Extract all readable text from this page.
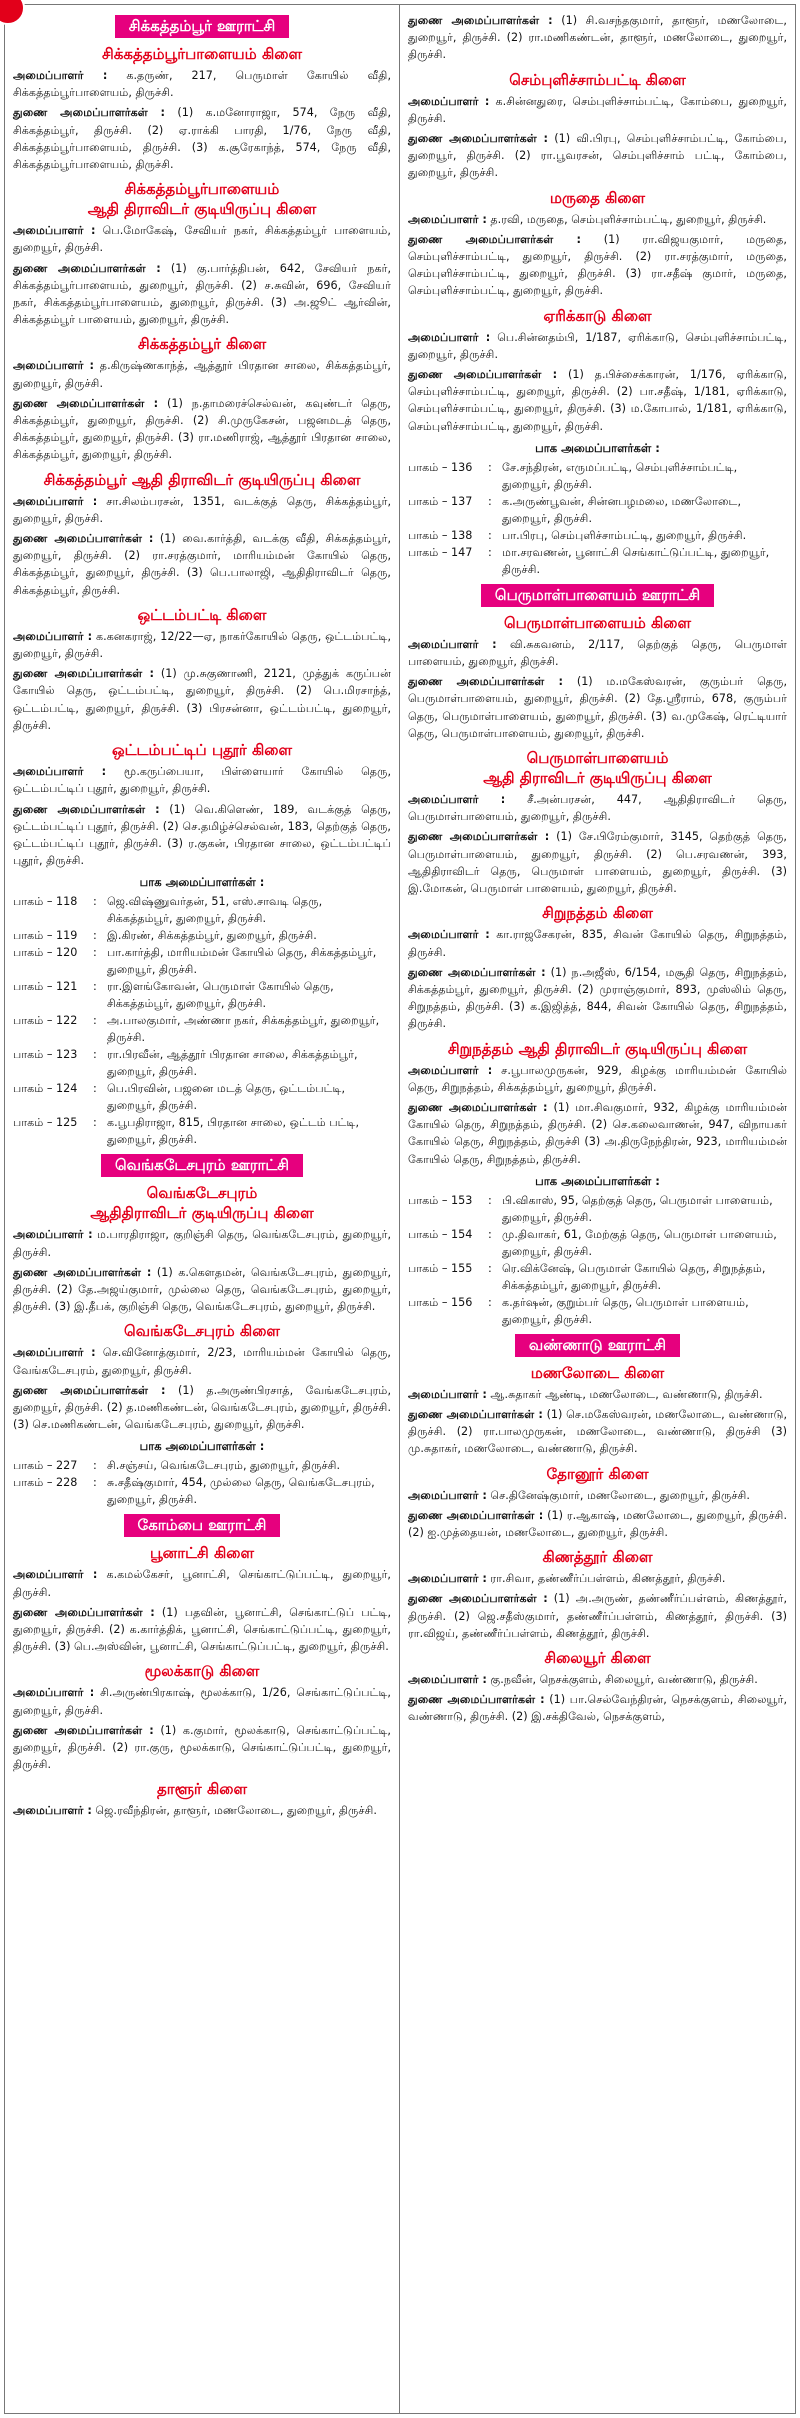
சிக்கத்தம்பூர் ஊராட்சி
சிக்கத்தம்பூர்பாளையம் கிளை
அமைப்பாளர் : க.தருண், 217, பெருமாள் கோயில் வீதி, சிக்கத்தம்பூர்பாளையம், திருச்சி.
துணை அமைப்பாளர்கள் : (1) க.மனோராஜா, 574, நேரு வீதி, சிக்கத்தம்பூர், திருச்சி. (2) ஏ.ராக்கி பாரதி, 1/76, நேரு வீதி, சிக்கத்தம்பூர்பாளையம், திருச்சி. (3) க.சூரேகாந்த், 574, நேரு வீதி, சிக்கத்தம்பூர்பாளையம், திருச்சி.
சிக்கத்தம்பூர்பாளையம்
ஆதி திராவிடர் குடியிருப்பு கிளை
அமைப்பாளர் : பெ.மோகேஷ், சேவியர் நகர், சிக்கத்தம்பூர் பாளையம், துறையூர், திருச்சி.
துணை அமைப்பாளர்கள் : (1) கு.பார்த்திபன், 642, சேவியர் நகர், சிக்கத்தம்பூர்பாளையம், துறையூர், திருச்சி. (2) ச.சுவின், 696, சேவியர் நகர், சிக்கத்தம்பூர்பாளையம், துறையூர், திருச்சி. (3) அ.ஜூட் ஆர்வின், சிக்கத்தம்பூர் பாளையம், துறையூர், திருச்சி.
சிக்கத்தம்பூர் கிளை
அமைப்பாளர் : த.கிருஷ்ணகாந்த், ஆத்தூர் பிரதான சாலை, சிக்கத்தம்பூர், துறையூர், திருச்சி.
துணை அமைப்பாளர்கள் : (1) ந.தாமரைச்செல்வன், கவுண்டர் தெரு, சிக்கத்தம்பூர், துறையூர், திருச்சி. (2) சி.முருகேசன், பஜனமடத் தெரு, சிக்கத்தம்பூர், துறையூர், திருச்சி. (3) ரா.மணிராஜ், ஆத்தூர் பிரதான சாலை, சிக்கத்தம்பூர், துறையூர், திருச்சி.
சிக்கத்தம்பூர் ஆதி திராவிடர் குடியிருப்பு கிளை
அமைப்பாளர் : சா.சிலம்பரசன், 1351, வடக்குத் தெரு, சிக்கத்தம்பூர், துறையூர், திருச்சி.
துணை அமைப்பாளர்கள் : (1) வை.கார்த்தி, வடக்கு வீதி, சிக்கத்தம்பூர், துறையூர், திருச்சி. (2) ரா.சரத்குமார், மாரியம்மன் கோயில் தெரு, சிக்கத்தம்பூர், துறையூர், திருச்சி. (3) பெ.பாலாஜி, ஆதிதிராவிடர் தெரு, சிக்கத்தம்பூர், திருச்சி.
ஒட்டம்பட்டி கிளை
அமைப்பாளர் : க.கனகராஜ், 12/22—ஏ, நாகர்கோயில் தெரு, ஒட்டம்பட்டி, துறையூர், திருச்சி.
துணை அமைப்பாளர்கள் : (1) மு.சுகுணாணி, 2121, முத்துக் கருப்பன் கோயில் தெரு, ஒட்டம்பட்டி, துறையூர், திருச்சி. (2) பெ.மிரசாந்த், ஒட்டம்பட்டி, துறையூர், திருச்சி. (3) பிரசன்னா, ஒட்டம்பட்டி, துறையூர், திருச்சி.
ஒட்டம்பட்டிப் புதூர் கிளை
அமைப்பாளர் : மூ.கருப்பையா, பிள்ளையார் கோயில் தெரு, ஒட்டம்பட்டிப் புதூர், துறையூர், திருச்சி.
துணை அமைப்பாளர்கள் : (1) வெ.கிளெண், 189, வடக்குத் தெரு, ஒட்டம்பட்டிப் புதூர், திருச்சி. (2) செ.தமிழ்ச்செல்வன், 183, தெற்குத் தெரு, ஒட்டம்பட்டிப் புதூர், திருச்சி. (3) ர.குகன், பிரதான சாலை, ஒட்டம்பட்டிப் புதூர், திருச்சி.
பாக அமைப்பாளர்கள் :
பாகம் – 118	: ஜெ.விஷ்ணுவர்தன், 51, எஸ்.சாவடி தெரு, சிக்கத்தம்பூர், துறையூர், திருச்சி.
பாகம் – 119	: இ.கிரண், சிக்கத்தம்பூர், துறையூர், திருச்சி.
பாகம் – 120	: பா.கார்த்தி, மாரியம்மன் கோயில் தெரு, சிக்கத்தம்பூர், துறையூர், திருச்சி.
பாகம் – 121	: ரா.இளங்கோவன், பெருமாள் கோயில் தெரு, சிக்கத்தம்பூர், துறையூர், திருச்சி.
பாகம் – 122	: அ.பாலகுமார், அண்ணா நகர், சிக்கத்தம்பூர், துறையூர், திருச்சி.
பாகம் – 123	: ரா.பிரவீன், ஆத்தூர் பிரதான சாலை, சிக்கத்தம்பூர், துறையூர், திருச்சி.
பாகம் – 124	: பெ.பிரவின், பஜனை மடத் தெரு, ஒட்டம்பட்டி, துறையூர், திருச்சி.
பாகம் – 125	: க.பூபதிராஜா, 815, பிரதான சாலை, ஒட்டம் பட்டி, துறையூர், திருச்சி.
வெங்கடேசபுரம் ஊராட்சி
வெங்கடேசபுரம்
ஆதிதிராவிடர் குடியிருப்பு கிளை
அமைப்பாளர் : ம.பாரதிராஜா, குறிஞ்சி தெரு, வெங்கடேசபுரம், துறையூர், திருச்சி.
துணை அமைப்பாளர்கள் : (1) க.கௌதமன், வெங்கடேசபுரம், துறையூர், திருச்சி. (2) தே.அஜய்குமார், முல்லை தெரு, வெங்கடேசபுரம், துறையூர், திருச்சி. (3) இ.தீபக், குறிஞ்சி தெரு, வெங்கடேசபுரம், துறையூர், திருச்சி.
வெங்கடேசபுரம் கிளை
அமைப்பாளர் : செ.வினோத்குமார், 2/23, மாரியம்மன் கோயில் தெரு, வேங்கடேசபுரம், துறையூர், திருச்சி.
துணை அமைப்பாளர்கள் : (1) த.அருண்பிரசாத், வேங்கடேசபுரம், துறையூர், திருச்சி. (2) த.மணிகண்டன், வெங்கடேசபுரம், துறையூர், திருச்சி. (3) செ.மணிகண்டன், வெங்கடேசபுரம், துறையூர், திருச்சி.
பாக அமைப்பாளர்கள் :
பாகம் – 227	: சி.சஞ்சய், வெங்கடேசபுரம், துறையூர், திருச்சி.
பாகம் – 228	: சு.சதீஷ்குமார், 454, முல்லை தெரு, வெங்கடேசபுரம், துறையூர், திருச்சி.
கோம்பை ஊராட்சி
பூனாட்சி கிளை
அமைப்பாளர் : க.கமல்கேசர், பூனாட்சி, செங்காட்டுப்பட்டி, துறையூர், திருச்சி.
துணை அமைப்பாளர்கள் : (1) பதவின், பூனாட்சி, செங்காட்டுப் பட்டி, துறையூர், திருச்சி. (2) க.கார்த்திக், பூனாட்சி, செங்காட்டுப்பட்டி, துறையூர், திருச்சி. (3) பெ.அஸ்வின், பூனாட்சி, செங்காட்டுப்பட்டி, துறையூர், திருச்சி.
மூலக்காடு கிளை
அமைப்பாளர் : சி.அருண்பிரகாஷ், மூலக்காடு, 1/26, செங்காட்டுப்பட்டி, துறையூர், திருச்சி.
துணை அமைப்பாளர்கள் : (1) க.குமார், மூலக்காடு, செங்காட்டுப்பட்டி, துறையூர், திருச்சி. (2) ரா.குரு, மூலக்காடு, செங்காட்டுப்பட்டி, துறையூர், திருச்சி.
தாளூர் கிளை
அமைப்பாளர் : ஜெ.ரவீந்திரன், தாளூர், மணலோடை, துறையூர், திருச்சி.
துணை அமைப்பாளர்கள் : (1) சி.வசந்தகுமார், தாளூர், மணலோடை, துறையூர், திருச்சி. (2) ரா.மணிகண்டன், தாளூர், மணலோடை, துறையூர், திருச்சி.
செம்புளிச்சாம்பட்டி கிளை
அமைப்பாளர் : க.சின்னதுரை, செம்புளிச்சாம்பட்டி, கோம்பை, துறையூர், திருச்சி.
துணை அமைப்பாளர்கள் : (1) வி.பிரபு, செம்புளிச்சாம்பட்டி, கோம்பை, துறையூர், திருச்சி. (2) ரா.பூவரசன், செம்புளிச்சாம் பட்டி, கோம்பை, துறையூர், திருச்சி.
மருதை கிளை
அமைப்பாளர் : த.ரவி, மருதை, செம்புளிச்சாம்பட்டி, துறையூர், திருச்சி.
துணை அமைப்பாளர்கள் : (1) ரா.விஜயகுமார், மருதை, செம்புளிச்சாம்பட்டி, துறையூர், திருச்சி. (2) ரா.சரத்குமார், மருதை, செம்புளிச்சாம்பட்டி, துறையூர், திருச்சி. (3) ரா.சதீஷ் குமார், மருதை, செம்புளிச்சாம்பட்டி, துறையூர், திருச்சி.
ஏரிக்காடு கிளை
அமைப்பாளர் : பெ.சின்னதம்பி, 1/187, ஏரிக்காடு, செம்புளிச்சாம்பட்டி, துறையூர், திருச்சி.
துணை அமைப்பாளர்கள் : (1) த.பிச்சைக்காரன், 1/176, ஏரிக்காடு, செம்புளிச்சாம்பட்டி, துறையூர், திருச்சி. (2) பா.சதீஷ், 1/181, ஏரிக்காடு, செம்புளிச்சாம்பட்டி, துறையூர், திருச்சி. (3) ம.கோபால், 1/181, ஏரிக்காடு, செம்புளிச்சாம்பட்டி, துறையூர், திருச்சி.
பாக அமைப்பாளர்கள் :
பாகம் – 136	: சே.சந்திரன், எருமப்பட்டி, செம்புளிச்சாம்பட்டி, துறையூர், திருச்சி.
பாகம் – 137	: க.அருண்பூவன், சின்னபழமலை, மணலோடை, துறையூர், திருச்சி.
பாகம் – 138	: பா.பிரபு, செம்புளிச்சாம்பட்டி, துறையூர், திருச்சி.
பாகம் – 147	: மா.சரவணன், பூனாட்சி செங்காட்டுப்பட்டி, துறையூர், திருச்சி.
பெருமாள்பாளையம் ஊராட்சி
பெருமாள்பாளையம் கிளை
அமைப்பாளர் : வி.சுகவனம், 2/117, தெற்குத் தெரு, பெருமாள் பாளையம், துறையூர், திருச்சி.
துணை அமைப்பாளர்கள் : (1) ம.மகேஸ்வரன், குரும்பர் தெரு, பெருமாள்பாளையம், துறையூர், திருச்சி. (2) தே.ஸ்ரீராம், 678, குரும்பர் தெரு, பெருமாள்பாளையம், துறையூர், திருச்சி. (3) வ.முகேஷ், ரெட்டியார் தெரு, பெருமாள்பாளையம், துறையூர், திருச்சி.
பெருமாள்பாளையம்
ஆதி திராவிடர் குடியிருப்பு கிளை
அமைப்பாளர் : சீ.அன்பரசன், 447, ஆதிதிராவிடர் தெரு, பெருமாள்பாளையம், துறையூர், திருச்சி.
துணை அமைப்பாளர்கள் : (1) சே.பிரேம்குமார், 3145, தெற்குத் தெரு, பெருமாள்பாளையம், துறையூர், திருச்சி. (2) பெ.சரவணன், 393, ஆதிதிராவிடர் தெரு, பெருமாள் பாளையம், துறையூர், திருச்சி. (3) இ.மோகன், பெருமாள் பாளையம், துறையூர், திருச்சி.
சிறுநத்தம் கிளை
அமைப்பாளர் : கா.ராஜசேகரன், 835, சிவன் கோயில் தெரு, சிறுநத்தம், திருச்சி.
துணை அமைப்பாளர்கள் : (1) ந.அஜீஸ், 6/154, மசூதி தெரு, சிறுநத்தம், சிக்கத்தம்பூர், துறையூர், திருச்சி. (2) முராஞ்குமார், 893, முஸ்லிம் தெரு, சிறுநத்தம், திருச்சி. (3) க.இஜித்த், 844, சிவன் கோயில் தெரு, சிறுநத்தம், திருச்சி.
சிறுநத்தம் ஆதி திராவிடர் குடியிருப்பு கிளை
அமைப்பாளர் : ச.பூபாலமுருகன், 929, கிழக்கு மாரியம்மன் கோயில் தெரு, சிறுநத்தம், சிக்கத்தம்பூர், துறையூர், திருச்சி.
துணை அமைப்பாளர்கள் : (1) மா.சிவகுமார், 932, கிழக்கு மாரியம்மன் கோயில் தெரு, சிறுநத்தம், திருச்சி. (2) செ.கலைவாணன், 947, விநாயகர் கோயில் தெரு, சிறுநத்தம், திருச்சி (3) அ.திருநேந்திரன், 923, மாரியம்மன் கோயில் தெரு, சிறுநத்தம், திருச்சி.
பாக அமைப்பாளர்கள் :
பாகம் – 153	: பி.விகாஸ், 95, தெற்குத் தெரு, பெருமாள் பாளையம், துறையூர், திருச்சி.
பாகம் – 154	: மு.திவாகர், 61, மேற்குத் தெரு, பெருமாள் பாளையம், துறையூர், திருச்சி.
பாகம் – 155	: ரெ.விக்னேஷ், பெருமாள் கோயில் தெரு, சிறுநத்தம், சிக்கத்தம்பூர், துறையூர், திருச்சி.
பாகம் – 156	: க.தர்ஷன், குறும்பர் தெரு, பெருமாள் பாளையம், துறையூர், திருச்சி.
வண்ணாடு ஊராட்சி
மணலோடை கிளை
அமைப்பாளர் : ஆ.சுதாகர் ஆண்டி, மணலோடை, வண்ணாடு, திருச்சி.
துணை அமைப்பாளர்கள் : (1) செ.மகேஸ்வரன், மணலோடை, வண்ணாடு, திருச்சி. (2) ரா.பாலமுருகன், மணலோடை, வண்ணாடு, திருச்சி (3) மு.சுதாகர், மணலோடை, வண்ணாடு, திருச்சி.
தோனூர் கிளை
அமைப்பாளர் : செ.தினேஷ்குமார், மணலோடை, துறையூர், திருச்சி.
துணை அமைப்பாளர்கள் : (1) ர.ஆகாஷ், மணலோடை, துறையூர், திருச்சி. (2) ஐ.முத்தையன், மணலோடை, துறையூர், திருச்சி.
கிணத்தூர் கிளை
அமைப்பாளர் : ரா.சிவா, தண்ணீர்ப்பள்ளம், கிணத்தூர், திருச்சி.
துணை அமைப்பாளர்கள் : (1) அ.அருண், தண்ணீர்ப்பள்ளம், கிணத்தூர், திருச்சி. (2) ஜெ.சதீஸ்குமார், தண்ணீர்ப்பள்ளம், கிணத்தூர், திருச்சி. (3) ரா.விஜய், தண்ணீர்ப்பள்ளம், கிணத்தூர், திருச்சி.
சிலையூர் கிளை
அமைப்பாளர் : கு.நவீன், நெசக்குளம், சிலையூர், வண்ணாடு, திருச்சி.
துணை அமைப்பாளர்கள் : (1) பா.செல்வேந்திரன், நெசக்குளம், சிலையூர், வண்ணாடு, திருச்சி. (2) இ.சக்திவேல், நெசக்குளம்,
